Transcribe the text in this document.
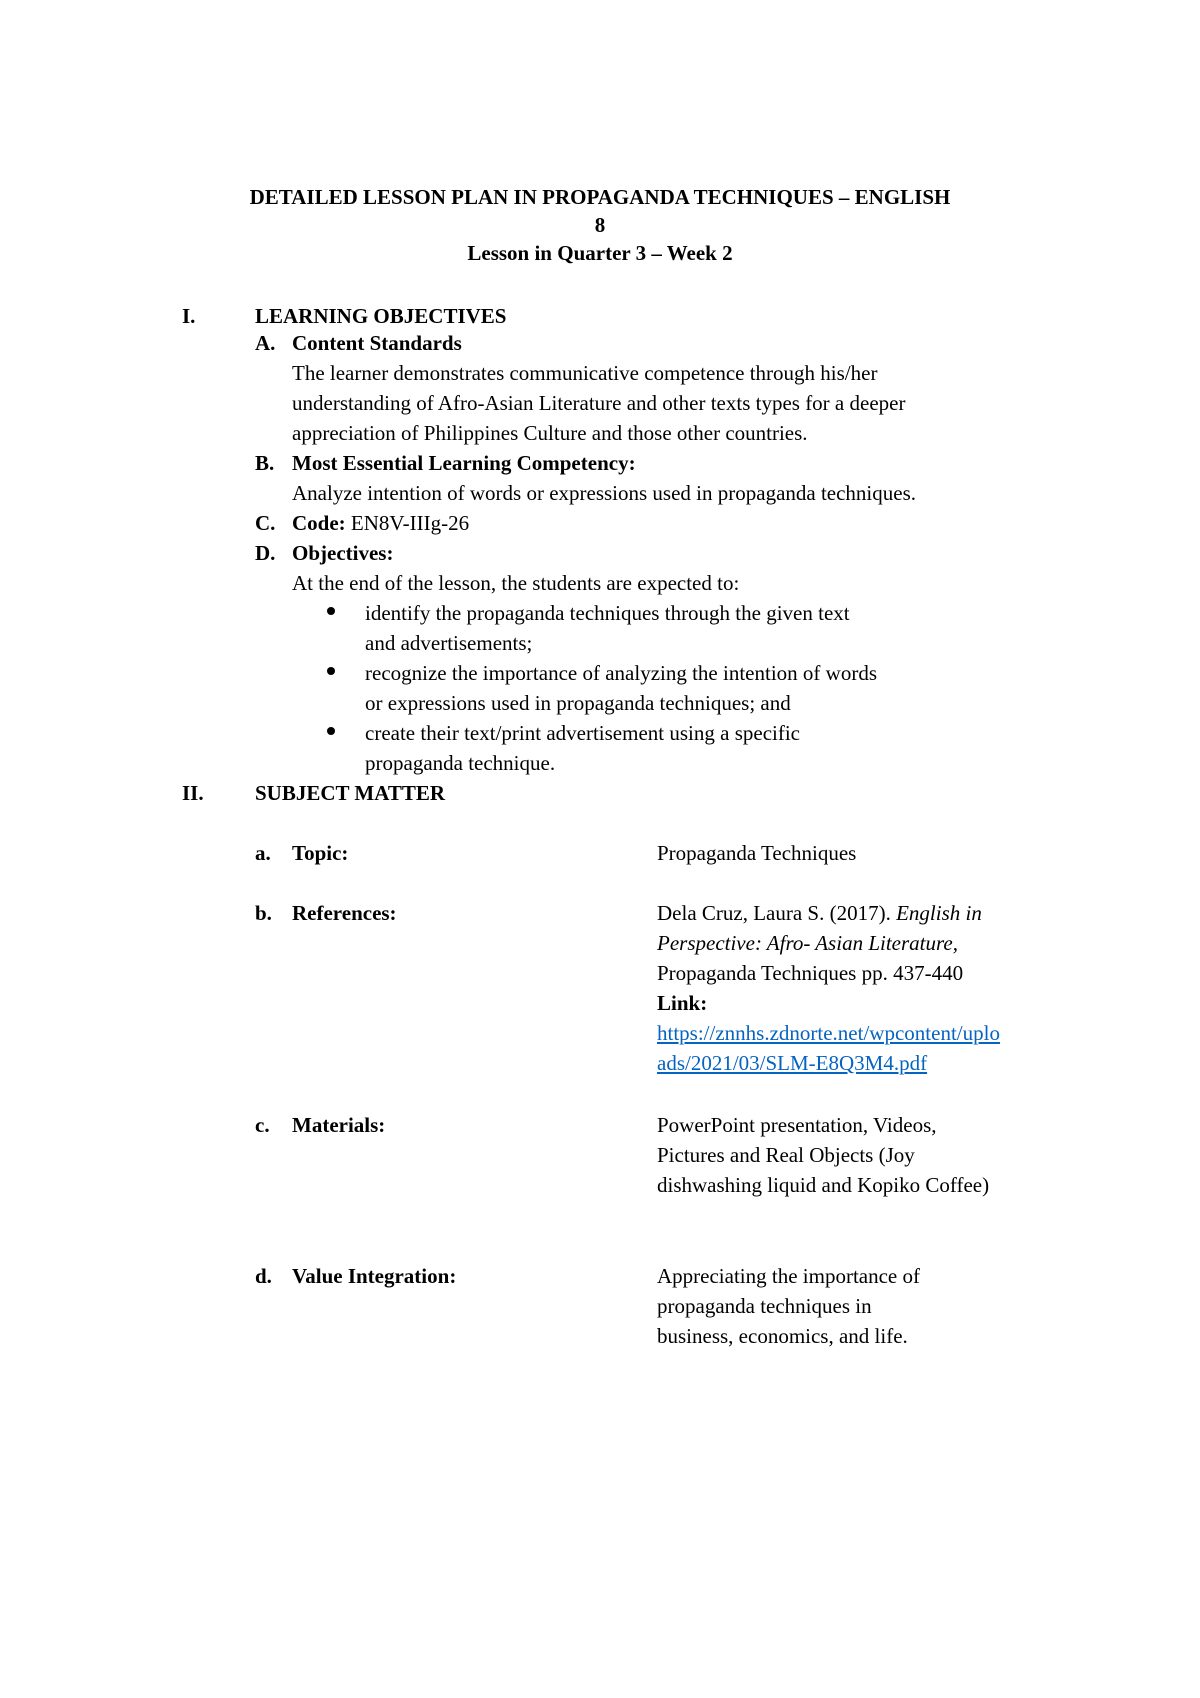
DETAILED LESSON PLAN IN PROPAGANDA TECHNIQUES – ENGLISH
8
Lesson in Quarter 3 – Week 2
I.	LEARNING OBJECTIVES
A. Content Standards
The learner demonstrates communicative competence through his/her
understanding of Afro-Asian Literature and other texts types for a deeper
appreciation of Philippines Culture and those other countries.
B. Most Essential Learning Competency:
Analyze intention of words or expressions used in propaganda techniques.
C. Code: EN8V-IIIg-26
D. Objectives:
At the end of the lesson, the students are expected to:
identify the propaganda techniques through the given text
and advertisements;
recognize the importance of analyzing the intention of words
or expressions used in propaganda techniques; and
create their text/print advertisement using a specific
propaganda technique.
II. SUBJECT MATTER
a. Topic:	Propaganda Techniques
b. References:	Dela Cruz, Laura S. (2017). English in
Perspective: Afro- Asian Literature,
Propaganda Techniques pp. 437-440
Link:
https://znnhs.zdnorte.net/wpcontent/uplo
ads/2021/03/SLM-E8Q3M4.pdf
c. Materials:	PowerPoint presentation, Videos,
Pictures and Real Objects (Joy
dishwashing liquid and Kopiko Coffee)
d. Value Integration:	Appreciating the importance of
propaganda techniques in
business, economics, and life.
